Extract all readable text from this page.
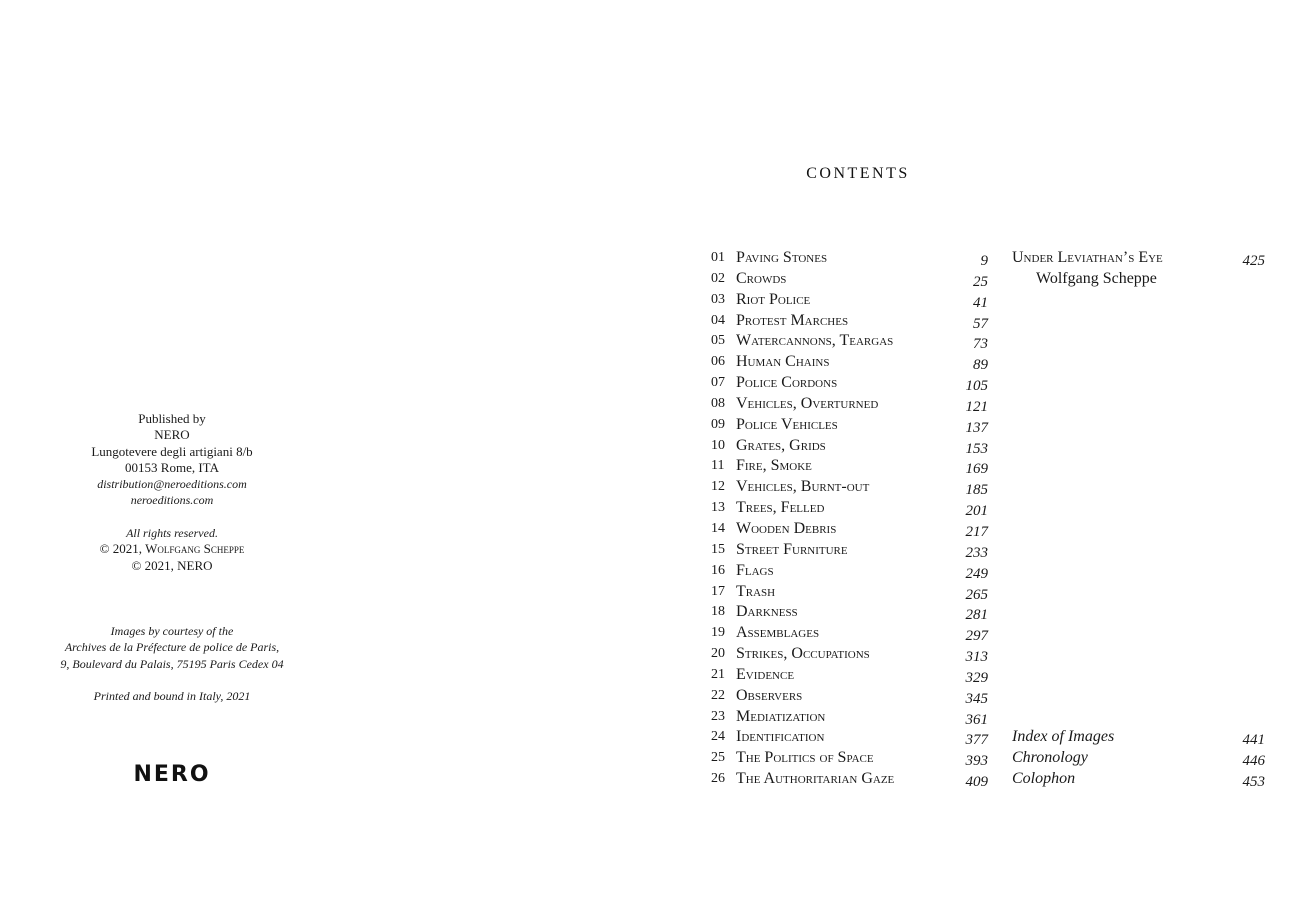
Published by
NERO
Lungotevere degli artigiani 8/b
00153 Rome, ITA
distribution@neroeditions.com
neroeditions.com
All rights reserved.
© 2021, Wolfgang Scheppe
© 2021, NERO
Images by courtesy of the
Archives de la Préfecture de police de Paris,
9, Boulevard du Palais, 75195 Paris Cedex 04
Printed and bound in Italy, 2021
NERO
contents
01 Paving Stones	9
02 Crowds	25
03 Riot Police	41
04 Protest Marches	57
05 Watercannons, Teargas	73
06 Human Chains	89
07 Police Cordons	105
08 Vehicles, Overturned	121
09 Police Vehicles	137
10 Grates, Grids	153
11 Fire, Smoke	169
12 Vehicles, Burnt-out	185
13 Trees, Felled	201
14 Wooden Debris	217
15 Street Furniture	233
16 Flags	249
17 Trash	265
18 Darkness	281
19 Assemblages	297
20 Strikes, Occupations	313
21 Evidence	329
22 Observers	345
23 Mediatization	361
24 Identification	377
25 The Politics of Space	393
26 The Authoritarian Gaze	409
Under Leviathan’s Eye	425
Wolfgang Scheppe
Index of Images	441
Chronology	446
Colophon	453
